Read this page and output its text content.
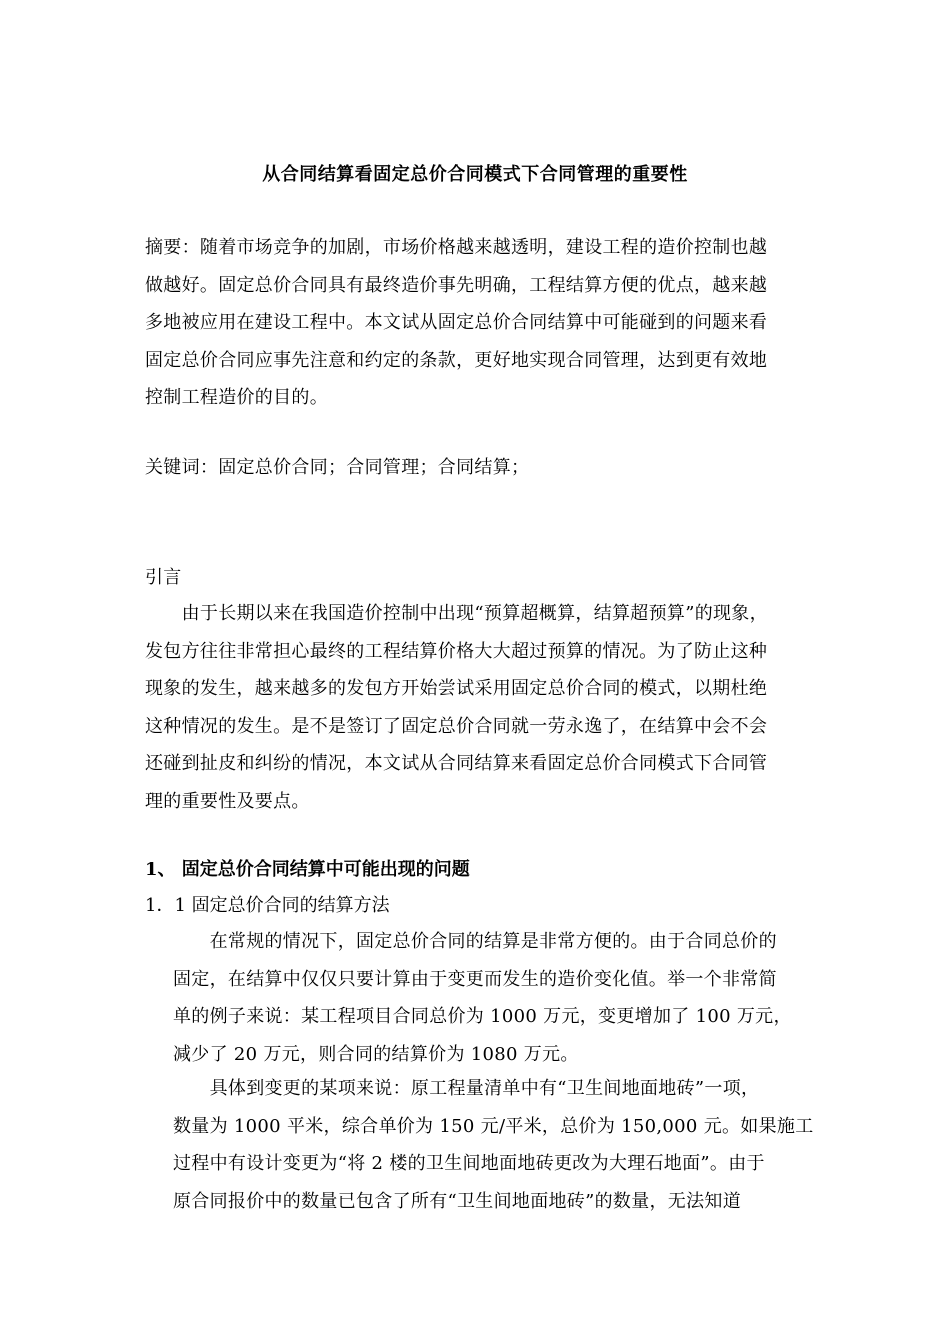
从合同结算看固定总价合同模式下合同管理的重要性
摘要：随着市场竞争的加剧，市场价格越来越透明，建设工程的造价控制也越
做越好。固定总价合同具有最终造价事先明确，工程结算方便的优点，越来越
多地被应用在建设工程中。本文试从固定总价合同结算中可能碰到的问题来看
固定总价合同应事先注意和约定的条款，更好地实现合同管理，达到更有效地
控制工程造价的目的。
关键词：固定总价合同；合同管理；合同结算；
引言
　　由于长期以来在我国造价控制中出现“预算超概算，结算超预算”的现象，
发包方往往非常担心最终的工程结算价格大大超过预算的情况。为了防止这种
现象的发生，越来越多的发包方开始尝试采用固定总价合同的模式，以期杜绝
这种情况的发生。是不是签订了固定总价合同就一劳永逸了，在结算中会不会
还碰到扯皮和纠纷的情况，本文试从合同结算来看固定总价合同模式下合同管
理的重要性及要点。
1、 固定总价合同结算中可能出现的问题
1．1 固定总价合同的结算方法
　　在常规的情况下，固定总价合同的结算是非常方便的。由于合同总价的
固定，在结算中仅仅只要计算由于变更而发生的造价变化值。举一个非常简
单的例子来说：某工程项目合同总价为 1000 万元，变更增加了 100 万元，
减少了 20 万元，则合同的结算价为 1080 万元。
　　具体到变更的某项来说：原工程量清单中有“卫生间地面地砖”一项，
数量为 1000 平米，综合单价为 150 元/平米，总价为 150,000 元。如果施工
过程中有设计变更为“将 2 楼的卫生间地面地砖更改为大理石地面”。由于
原合同报价中的数量已包含了所有“卫生间地面地砖”的数量，无法知道
